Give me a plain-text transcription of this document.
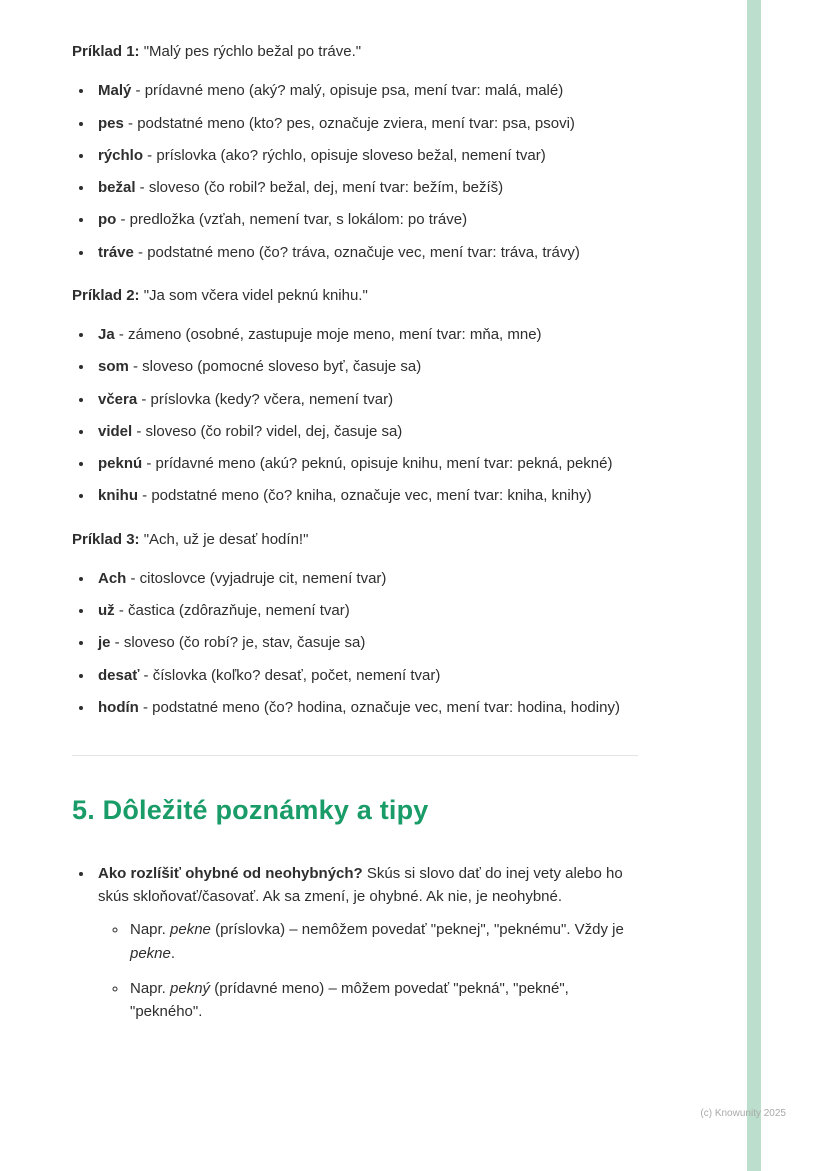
Príklad 1: "Malý pes rýchlo bežal po tráve."

• Malý - prídavné meno (aký? malý, opisuje psa, mení tvar: malá, malé)
• pes - podstatné meno (kto? pes, označuje zviera, mení tvar: psa, psovi)
• rýchlo - príslovka (ako? rýchlo, opisuje sloveso bežal, nemení tvar)
• bežal - sloveso (čo robil? bežal, dej, mení tvar: bežím, bežíš)
• po - predložka (vzťah, nemení tvar, s lokálom: po tráve)
• tráve - podstatné meno (čo? tráva, označuje vec, mení tvar: tráva, trávy)

Príklad 2: "Ja som včera videl peknú knihu."

• Ja - zámeno (osobné, zastupuje moje meno, mení tvar: mňa, mne)
• som - sloveso (pomocné sloveso byť, časuje sa)
• včera - príslovka (kedy? včera, nemení tvar)
• videl - sloveso (čo robil? videl, dej, časuje sa)
• peknú - prídavné meno (akú? peknú, opisuje knihu, mení tvar: pekná, pekné)
• knihu - podstatné meno (čo? kniha, označuje vec, mení tvar: kniha, knihy)

Príklad 3: "Ach, už je desať hodín!"

• Ach - citoslovce (vyjadruje cit, nemení tvar)
• už - častica (zdôrazňuje, nemení tvar)
• je - sloveso (čo robí? je, stav, časuje sa)
• desať - číslovka (koľko? desať, počet, nemení tvar)
• hodín - podstatné meno (čo? hodina, označuje vec, mení tvar: hodina, hodiny)
5. Dôležité poznámky a tipy
• Ako rozlíšiť ohybné od neohybných? Skús si slovo dať do inej vety alebo ho skús skloňovať/časovať. Ak sa zmení, je ohybné. Ak nie, je neohybné.
◦ Napr. pekne (príslovka) – nemôžem povedať "peknej", "peknému". Vždy je pekne.
◦ Napr. pekný (prídavné meno) – môžem povedať "pekná", "pekné", "pekného".
(c) Knowunity 2025
